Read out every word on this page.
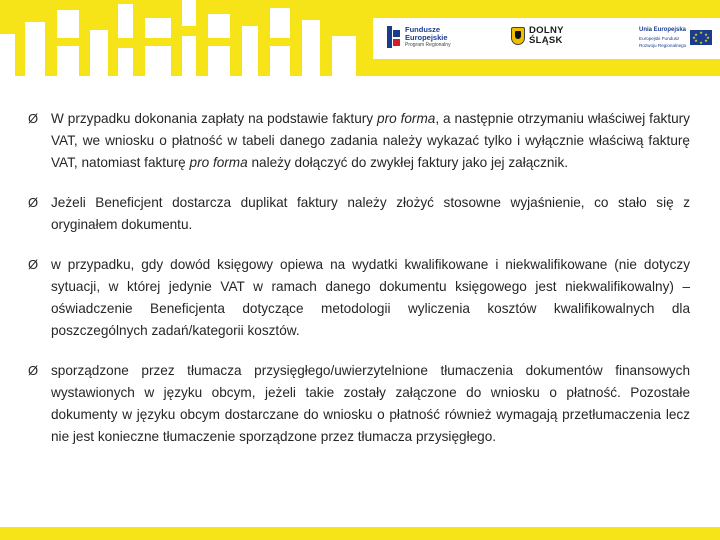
Fundusze
Europejskie
Program Regionalny
DOLNY
ŚLĄSK
Unia Europejska
Europejski Fundusz
Rozwoju Regionalnego
★ ★
★
★
★
★
★
★
Ø W przypadku dokonania zapłaty na podstawie faktury pro forma, a następnie otrzymaniu właściwej faktury VAT, we wniosku o płatność w tabeli danego zadania należy wykazać tylko i wyłącznie właściwą fakturę VAT, natomiast fakturę pro forma należy dołączyć do zwykłej faktury jako jej załącznik.
Ø Jeżeli Beneficjent dostarcza duplikat faktury należy złożyć stosowne wyjaśnienie, co stało się z oryginałem dokumentu.
Ø w przypadku, gdy dowód księgowy opiewa na wydatki kwalifikowane i niekwalifikowane (nie dotyczy sytuacji, w której jedynie VAT w ramach danego dokumentu księgowego jest niekwalifikowalny) – oświadczenie Beneficjenta dotyczące metodologii wyliczenia kosztów kwalifikowalnych dla poszczególnych zadań/kategorii kosztów.
Ø sporządzone przez tłumacza przysięgłego/uwierzytelnione tłumaczenia dokumentów finansowych wystawionych w języku obcym, jeżeli takie zostały załączone do wniosku o płatność. Pozostałe dokumenty w języku obcym dostarczane do wniosku o płatność również wymagają przetłumaczenia lecz nie jest konieczne tłumaczenie sporządzone przez tłumacza przysięgłego.
